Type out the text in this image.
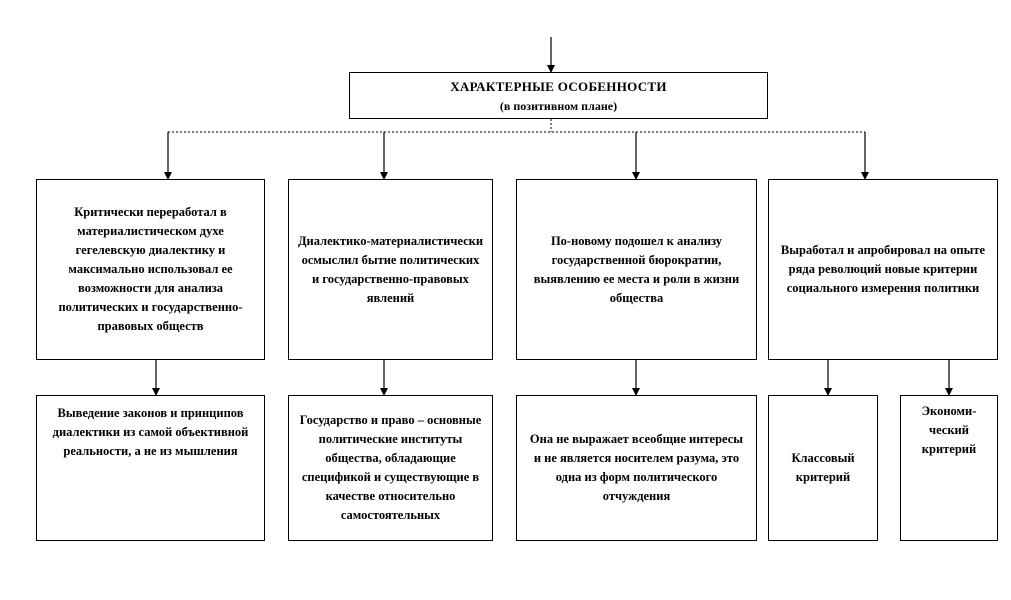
ХАРАКТЕРНЫЕ ОСОБЕННОСТИ
(в позитивном плане)
Критически переработал в материалистическом духе гегелевскую диалектику и максимально использовал ее возможности для анализа политических и государственно-правовых обществ
Диалектико-материалистически осмыслил бытие политических и государственно-правовых явлений
По-новому подошел к анализу государственной бюрократии, выявлению ее места и роли в жизни общества
Выработал и апробировал на опыте ряда революций новые критерии социального измерения политики
Выведение законов и принципов диалектики из самой объективной реальности, а не из мышления
Государство и право – основные политические институты общества, обладающие спецификой и существующие в качестве относительно самостоятельных
Она не выражает всеобщие интересы и не является носителем разума, это одна из форм политического отчуждения
Классовый критерий
Экономи-ческий критерий
